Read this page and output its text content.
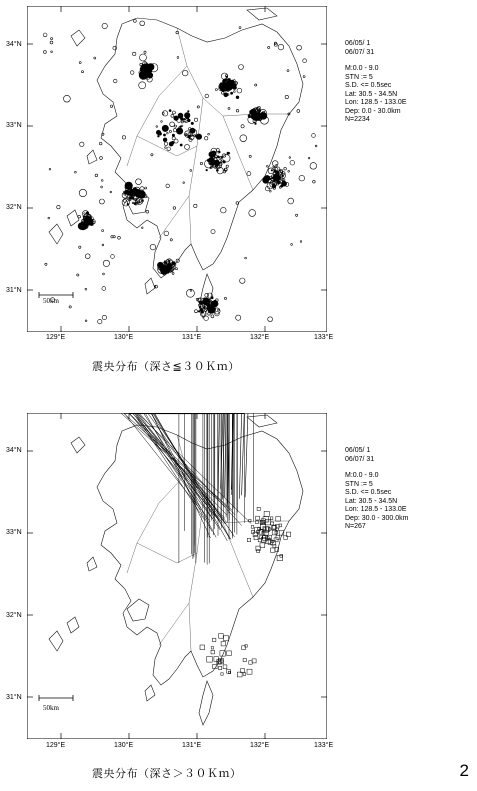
50km
34°N
33°N
32°N
31°N
129°E	130°E	131°E	132°E	133°E
06/05/ 1
06/07/ 31
M:0.0 - 9.0
STN := 5
S.D. <= 0.5sec
Lat: 30.5 - 34.5N
Lon: 128.5 - 133.0E
Dep: 0.0 - 30.0km
N=2234
震央分布（深さ≦３０Ｋｍ）
50km
34°N
33°N
32°N
31°N
129°E	130°E	131°E	132°E	133°E
06/05/ 1
06/07/ 31
M:0.0 - 9.0
STN := 5
S.D. <= 0.5sec
Lat: 30.5 - 34.5N
Lon: 128.5 - 133.0E
Dep: 30.0 - 300.0km
N=267
震央分布（深さ＞３０Ｋｍ）	2
